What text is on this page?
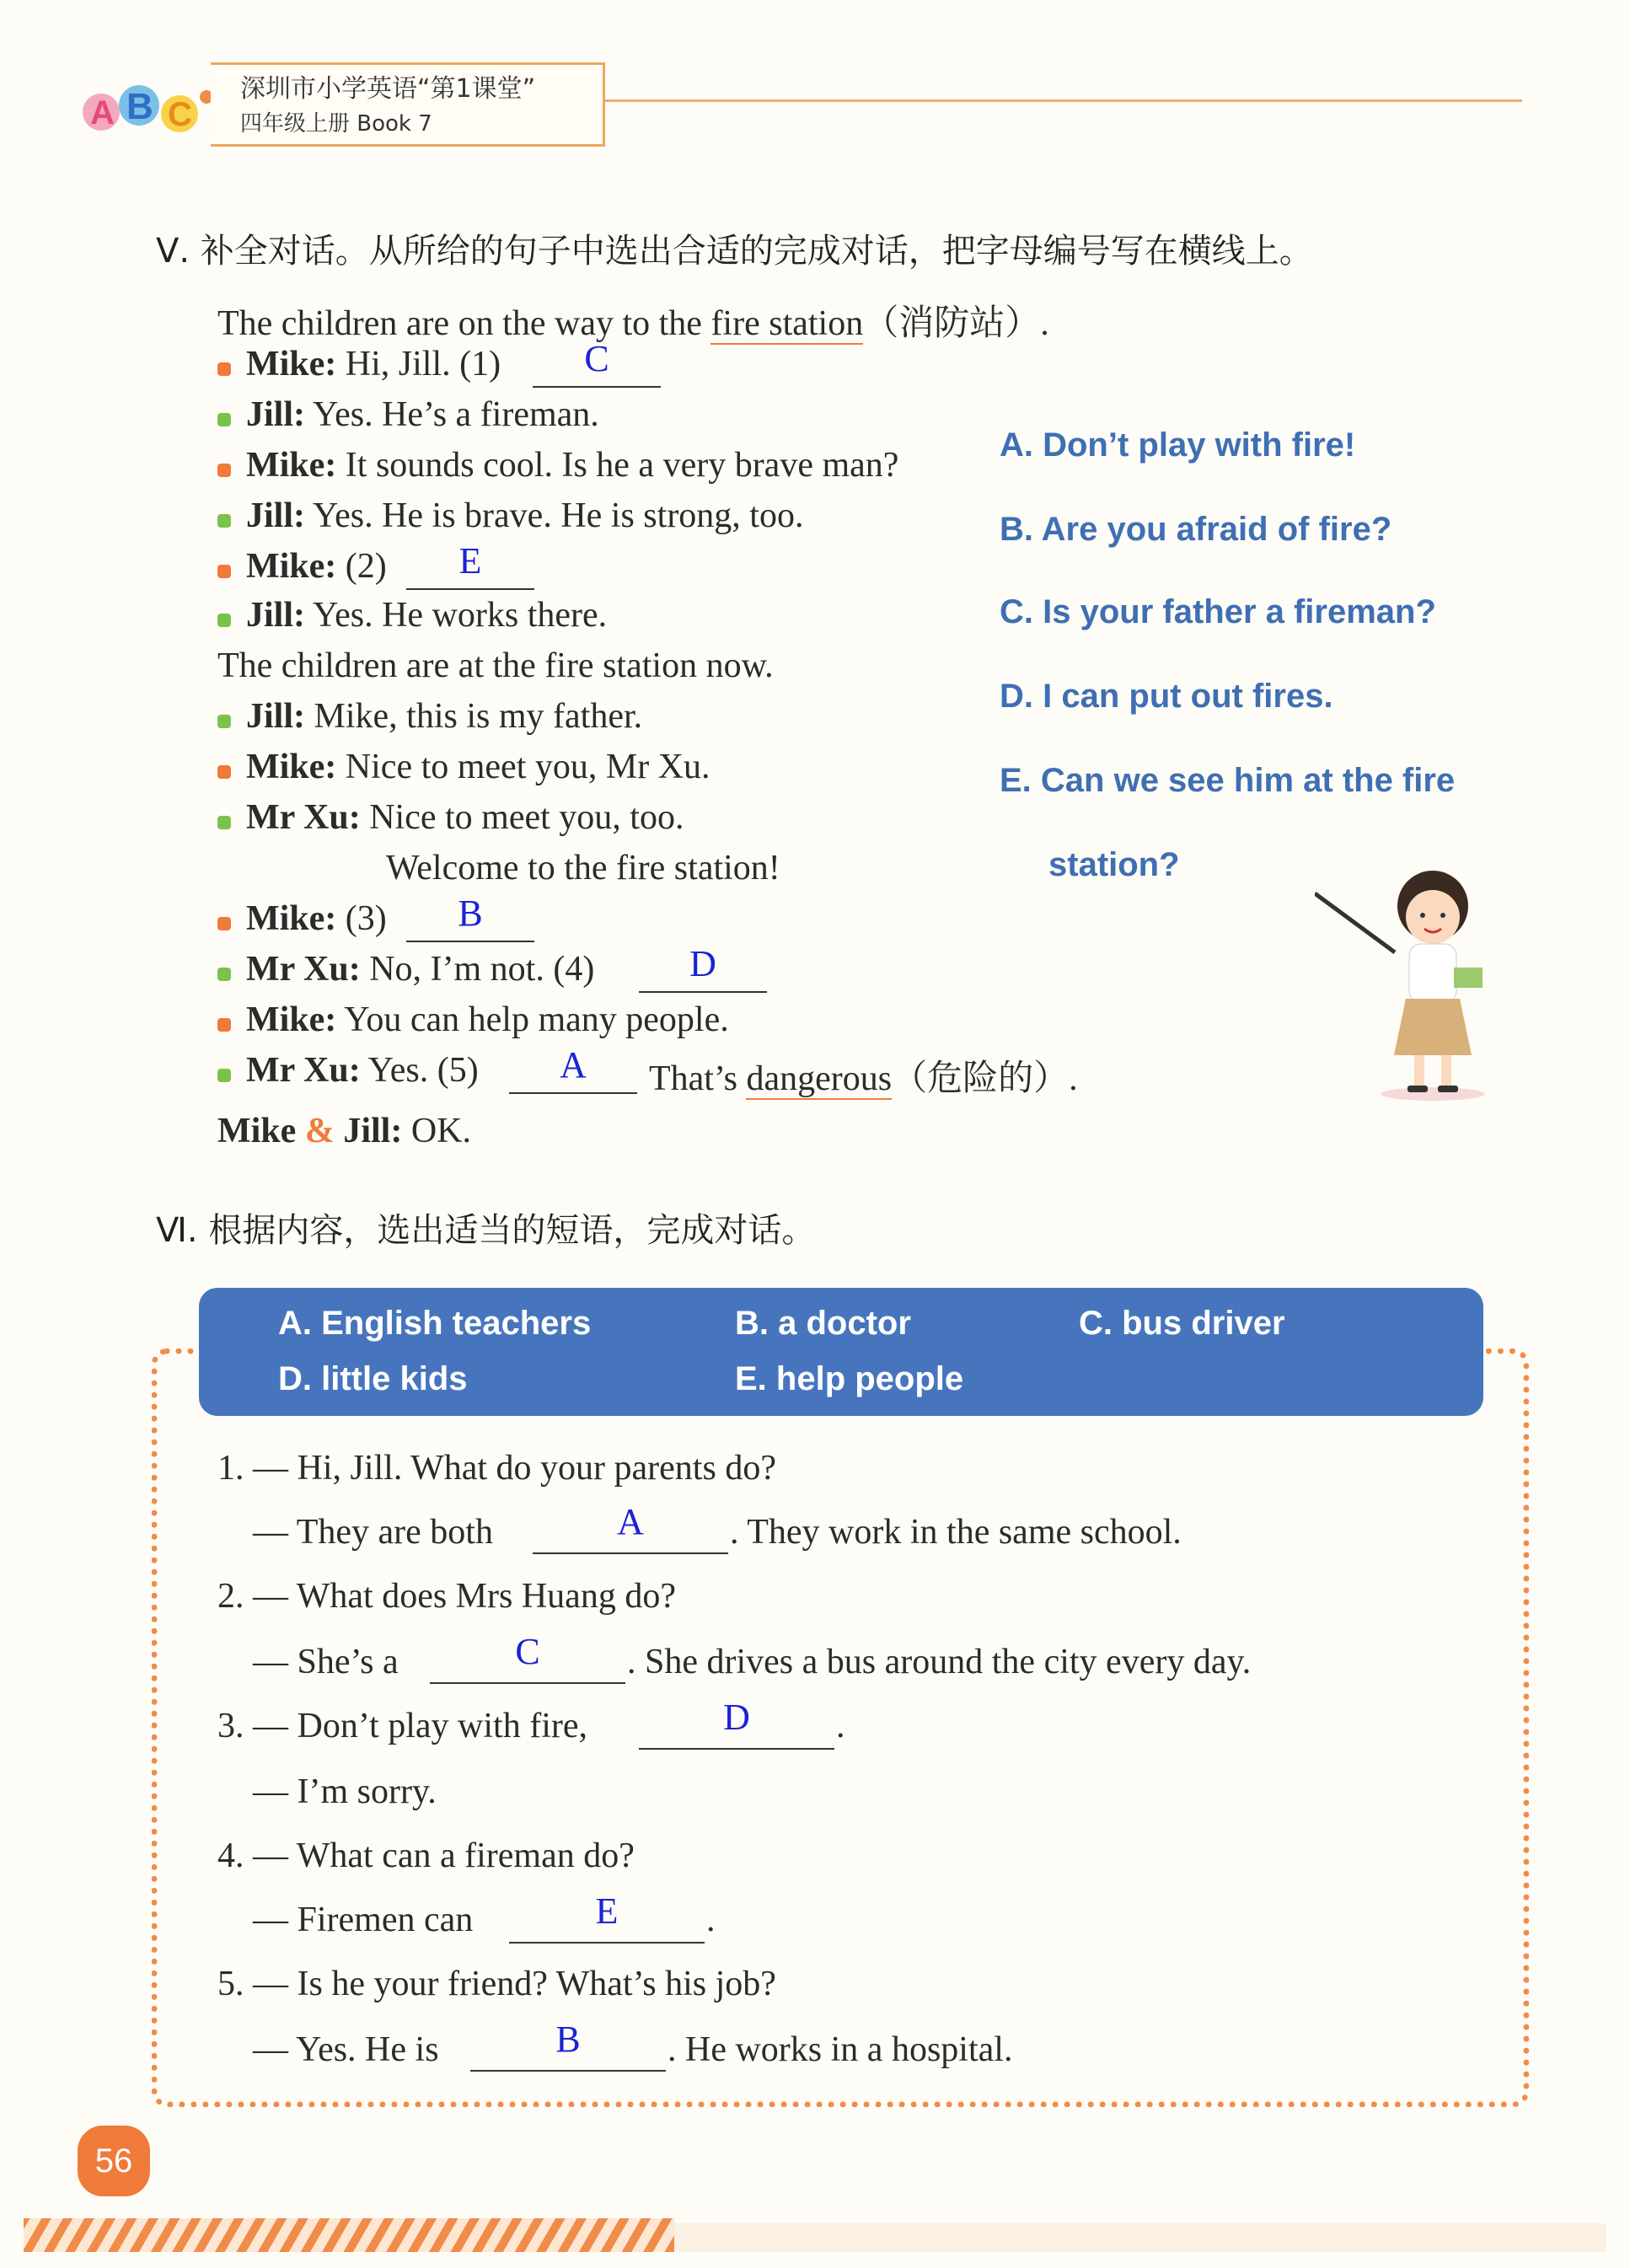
A B C
深圳市小学英语“第1课堂”
四年级上册 Book 7
Ⅴ. 补全对话。从所给的句子中选出合适的完成对话，把字母编号写在横线上。
The children are on the way to the fire station（消防站）.
Mike: Hi, Jill. (1)	C
Jill: Yes. He’s a fireman.
Mike: It sounds cool. Is he a very brave man?
Jill: Yes. He is brave. He is strong, too.
Mike: (2)	E
Jill: Yes. He works there.
The children are at the fire station now.
Jill: Mike, this is my father.
Mike: Nice to meet you, Mr Xu.
Mr Xu: Nice to meet you, too.
Welcome to the fire station!
Mike: (3)	B
Mr Xu: No, I’m not. (4)	D
Mike: You can help many people.
Mr Xu: Yes. (5)	A	That’s dangerous（危险的）.
Mike & Jill: OK.
A. Don’t play with fire!
B. Are you afraid of fire?
C. Is your father a fireman?
D. I can put out fires.
E. Can we see him at the fire
station?
Ⅵ. 根据内容，选出适当的短语，完成对话。
A. English teachers	B. a doctor	C. bus driver
D. little kids	E. help people
1. — Hi, Jill. What do your parents do?
— They are both	A	. They work in the same school.
2. — What does Mrs Huang do?
— She’s a	C	. She drives a bus around the city every day.
3. — Don’t play with fire,	D	.
— I’m sorry.
4. — What can a fireman do?
— Firemen can	E	.
5. — Is he your friend? What’s his job?
— Yes. He is	B	. He works in a hospital.
56
